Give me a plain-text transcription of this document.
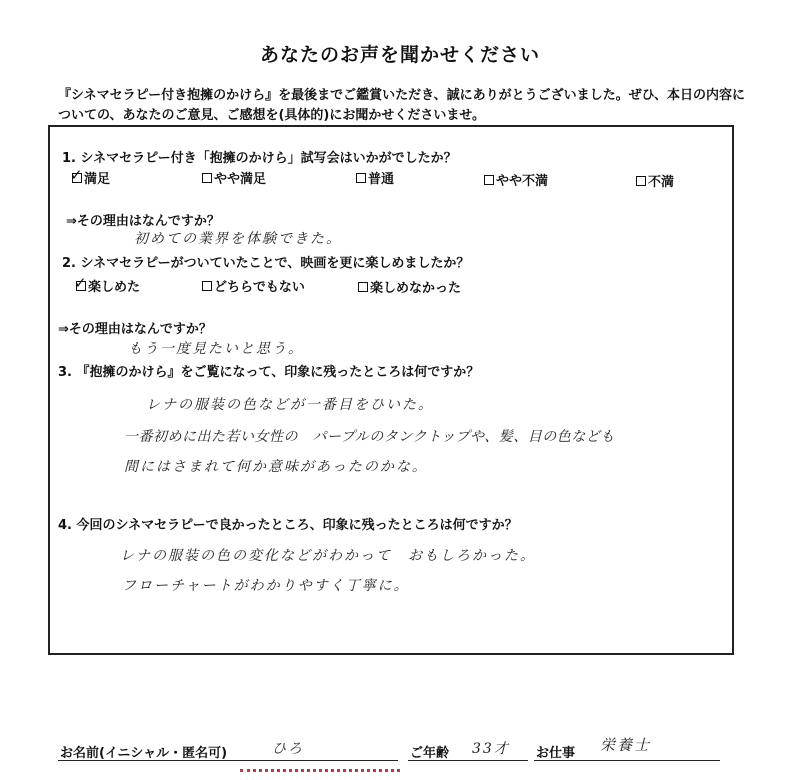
あなたのお声を聞かせください
『シネマセラピー付き抱擁のかけら』を最後までご鑑賞いただき、誠にありがとうございました。ぜひ、本日の内容に
ついての、あなたのご意見、ご感想を(具体的)にお聞かせくださいませ。
1. シネマセラピー付き「抱擁のかけら」試写会はいかがでしたか？
✓ 満足	やや満足	普通	やや不満	不満
⇒その理由はなんですか？
初めての業界を体験できた。
2. シネマセラピーがついていたことで、映画を更に楽しめましたか？
✓ 楽しめた	どちらでもない	楽しめなかった
⇒その理由はなんですか？
もう一度見たいと思う。
3. 『抱擁のかけら』をご覧になって、印象に残ったところは何ですか？
レナの服装の色などが一番目をひいた。
一番初めに出た若い女性の　パープルのタンクトップや、髪、目の色なども
間にはさまれて何か意味があったのかな。
4. 今回のシネマセラピーで良かったところ、印象に残ったところは何ですか？
レナの服装の色の変化などがわかって　おもしろかった。
フローチャートがわかりやすく丁寧に。
お名前(イニシャル・匿名可)	ひろ	ご年齢 33才 お仕事 栄養士
